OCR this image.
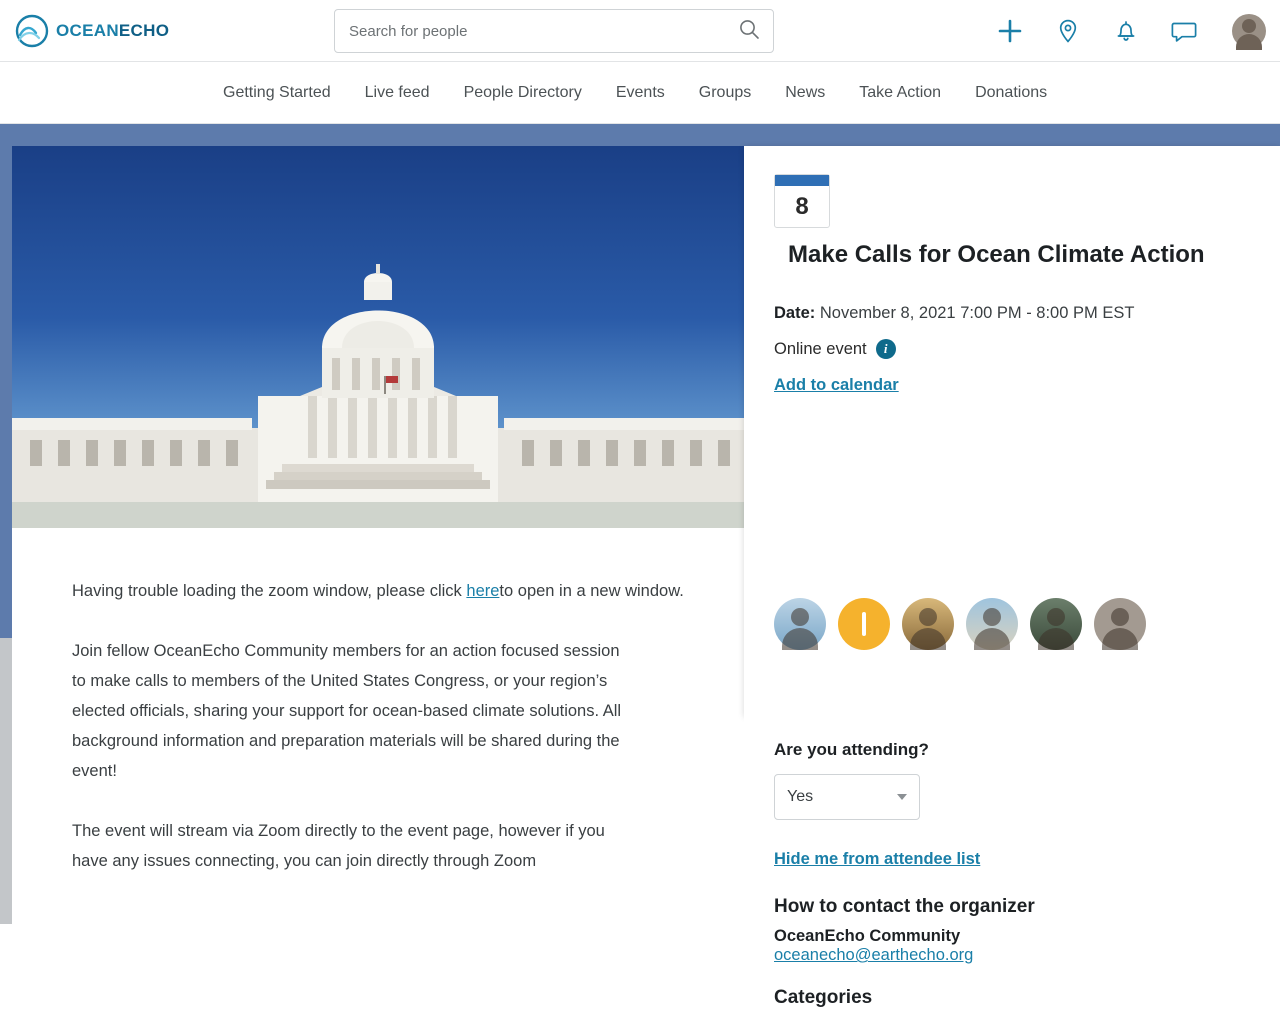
OCEANECHO
Search for people
Getting Started	Live feed	People Directory	Events	Groups	News	Take Action	Donations

Having trouble loading the zoom window, please click hereto open in a new window.

Join fellow OceanEcho Community members for an action focused session to make calls to members of the United States Congress, or your region’s elected officials, sharing your support for ocean-based climate solutions. All background information and preparation materials will be shared during the event!

The event will stream via Zoom directly to the event page, however if you have any issues connecting, you can join directly through Zoom

8
Make Calls for Ocean Climate Action
Date: November 8, 2021 7:00 PM - 8:00 PM EST
Online event	i
Add to calendar
Are you attending?
Yes
Hide me from attendee list
How to contact the organizer
OceanEcho Community
oceanecho@earthecho.org
Categories
